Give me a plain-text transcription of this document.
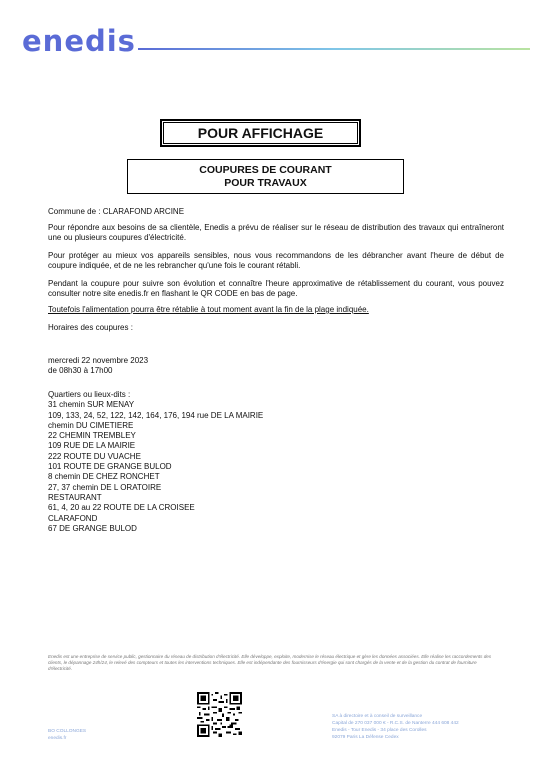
enedis
POUR AFFICHAGE
COUPURES DE COURANT
POUR TRAVAUX

Commune de : CLARAFOND ARCINE

Pour répondre aux besoins de sa clientèle, Enedis a prévu de réaliser sur le réseau de distribution des travaux qui entraîneront une ou plusieurs coupures d'électricité.

Pour protéger au mieux vos appareils sensibles, nous vous recommandons de les débrancher avant l'heure de début de coupure indiquée, et de ne les rebrancher qu'une fois le courant rétabli.

Pendant la coupure pour suivre son évolution et connaître l'heure approximative de rétablissement du courant, vous pouvez consulter notre site enedis.fr en flashant le QR CODE en bas de page.

Toutefois l'alimentation pourra être rétablie à tout moment avant la fin de la plage indiquée.

Horaires des coupures :

mercredi 22 novembre 2023

de 08h30 à 17h00

Quartiers ou lieux-dits :

31 chemin SUR MENAY

109, 133, 24, 52, 122, 142, 164, 176, 194 rue DE LA MAIRIE

chemin DU CIMETIERE

22 CHEMIN TREMBLEY

109 RUE DE LA MAIRIE

222 ROUTE DU VUACHE

101 ROUTE DE GRANGE BULOD

8 chemin DE CHEZ RONCHET

27, 37 chemin DE L ORATOIRE

RESTAURANT

61, 4, 20 au 22 ROUTE DE LA CROISEE

CLARAFOND

67 DE GRANGE BULOD

Enedis est une entreprise de service public, gestionnaire du réseau de distribution d'électricité. Elle développe, exploite, modernise le réseau électrique et gère les données associées. Elle réalise les raccordements des clients, le dépannage 24h/24, le relevé des compteurs et toutes les interventions techniques. Elle est indépendante des fournisseurs d'énergie qui sont chargés de la vente et de la gestion du contrat de fourniture d'électricité.
BO COLLONGES
enedis.fr
SA à directoire et à conseil de surveillance
Capital de 270 037 000 € - R.C.S. de Nanterre 444 608 442
Enedis - Tour Enedis - 34 place des Corolles
92079 Paris La Défense Cedex
